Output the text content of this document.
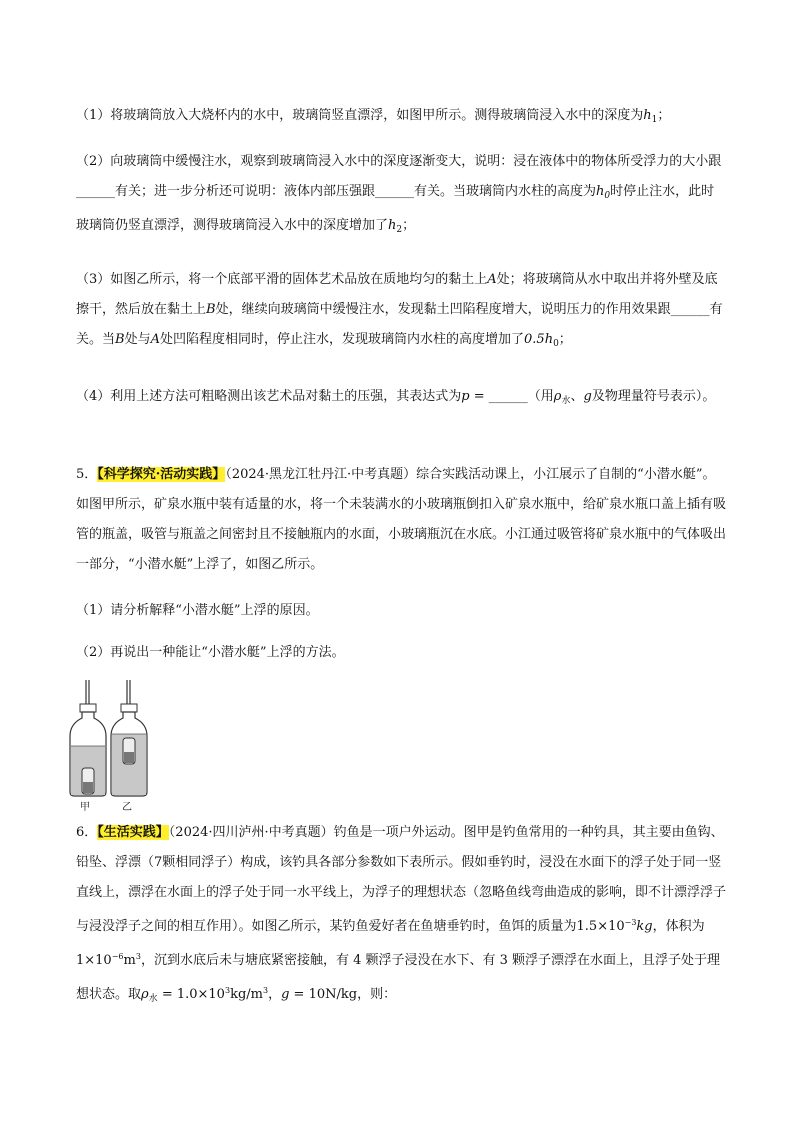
（1）将玻璃筒放入大烧杯内的水中，玻璃筒竖直漂浮，如图甲所示。测得玻璃筒浸入水中的深度为$h_1$；

（2）向玻璃筒中缓慢注水，观察到玻璃筒浸入水中的深度逐渐变大，说明：浸在液体中的物体所受浮力的大小跟______有关；进一步分析还可说明：液体内部压强跟______有关。当玻璃筒内水柱的高度为$h_0$时停止注水，此时玻璃筒仍竖直漂浮，测得玻璃筒浸入水中的深度增加了$h_2$；

（3）如图乙所示，将一个底部平滑的固体艺术品放在质地均匀的黏土上A处；将玻璃筒从水中取出并将外壁及底擦干，然后放在黏土上B处，继续向玻璃筒中缓慢注水，发现黏土凹陷程度增大，说明压力的作用效果跟______有关。当B处与A处凹陷程度相同时，停止注水，发现玻璃筒内水柱的高度增加了$0.5h_0$；

（4）利用上述方法可粗略测出该艺术品对黏土的压强，其表达式为p = ______（用$\rho_水$、g及物理量符号表示）。

5．【科学探究·活动实践】（2024·黑龙江牡丹江·中考真题）综合实践活动课上，小江展示了自制的“小潜水艇”。如图甲所示，矿泉水瓶中装有适量的水，将一个未装满水的小玻璃瓶倒扣入矿泉水瓶中，给矿泉水瓶口盖上插有吸管的瓶盖，吸管与瓶盖之间密封且不接触瓶内的水面，小玻璃瓶沉在水底。小江通过吸管将矿泉水瓶中的气体吸出一部分，“小潜水艇”上浮了，如图乙所示。

（1）请分析解释“小潜水艇”上浮的原因。

（2）再说出一种能让“小潜水艇”上浮的方法。

甲	乙

6．【生活实践】（2024·四川泸州·中考真题）钓鱼是一项户外运动。图甲是钓鱼常用的一种钓具，其主要由鱼钩、铅坠、浮漂（7颗相同浮子）构成，该钓具各部分参数如下表所示。假如垂钓时，浸没在水面下的浮子处于同一竖直线上，漂浮在水面上的浮子处于同一水平线上，为浮子的理想状态（忽略鱼线弯曲造成的影响，即不计漂浮浮子与浸没浮子之间的相互作用）。如图乙所示，某钓鱼爱好者在鱼塘垂钓时，鱼饵的质量为$1.5\times 10^{-3}kg$，体积为$1\times 10^{-6}m^3$，沉到水底后未与塘底紧密接触，有 4 颗浮子浸没在水下、有 3 颗浮子漂浮在水面上，且浮子处于理想状态。取$\rho_水 = 1.0\times 10^3kg/m^3$，g = 10N/kg，则：
